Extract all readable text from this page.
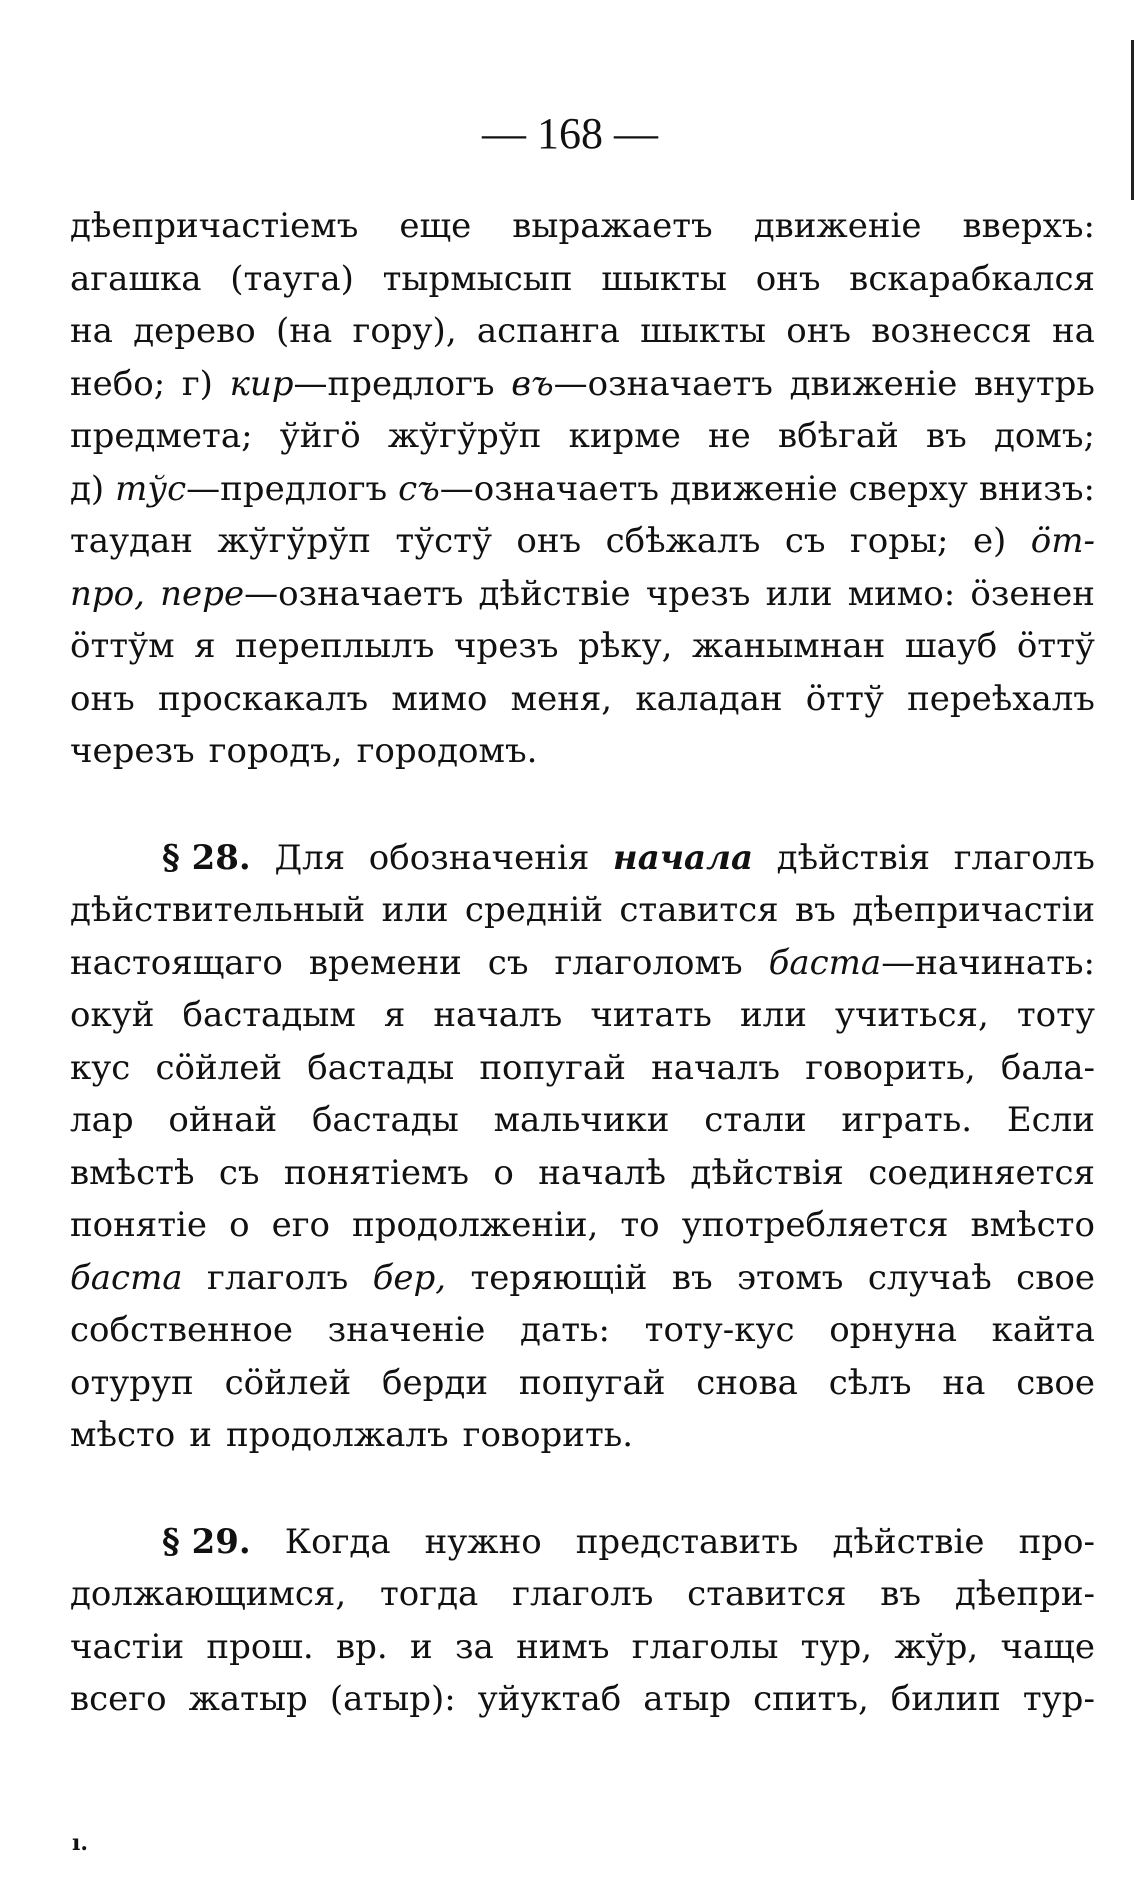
— 168 —
дѣепричастіемъ еще выражаетъ движеніе вверхъ:
агашка (тауга) тырмысып шыкты онъ вскарабкался
на дерево (на гору), аспанга шыкты онъ вознесся на
небо; г) кир—предлогъ въ—означаетъ движеніе внутрь
предмета; ўйгӧ жўгўрўп кирме не вбѣгай въ домъ;
д) тўс—предлогъ съ—означаетъ движеніе сверху внизъ:
таудан жўгўрўп тўстў онъ сбѣжалъ съ горы; е) ӧт-
про, пере—означаетъ дѣйствіе чрезъ или мимо: ӧзенен
ӧттўм я переплылъ чрезъ рѣку, жанымнан шауб ӧттў
онъ проскакалъ мимо меня, каладан ӧттў переѣхалъ
черезъ городъ, городомъ.
§ 28. Для обозначенія начала дѣйствія глаголъ
дѣйствительный или средній ставится въ дѣепричастіи
настоящаго времени съ глаголомъ баста—начинать:
окуй бастадым я началъ читать или учиться, тоту
кус сӧйлей бастады попугай началъ говорить, бала-
лар ойнай бастады мальчики стали играть. Если
вмѣстѣ съ понятіемъ о началѣ дѣйствія соединяется
понятіе о его продолженіи, то употребляется вмѣсто
баста глаголъ бер, теряющій въ этомъ случаѣ свое
собственное значеніе дать: тоту-кус орнуна кайта
отуруп сӧйлей берди попугай снова сѣлъ на свое
мѣсто и продолжалъ говорить.
§ 29. Когда нужно представить дѣйствіе про-
должающимся, тогда глаголъ ставится въ дѣепри-
частіи прош. вр. и за нимъ глаголы тур, жўр, чаще
всего жатыр (атыр): уйуктаб атыр спитъ, билип тур-
ı.
